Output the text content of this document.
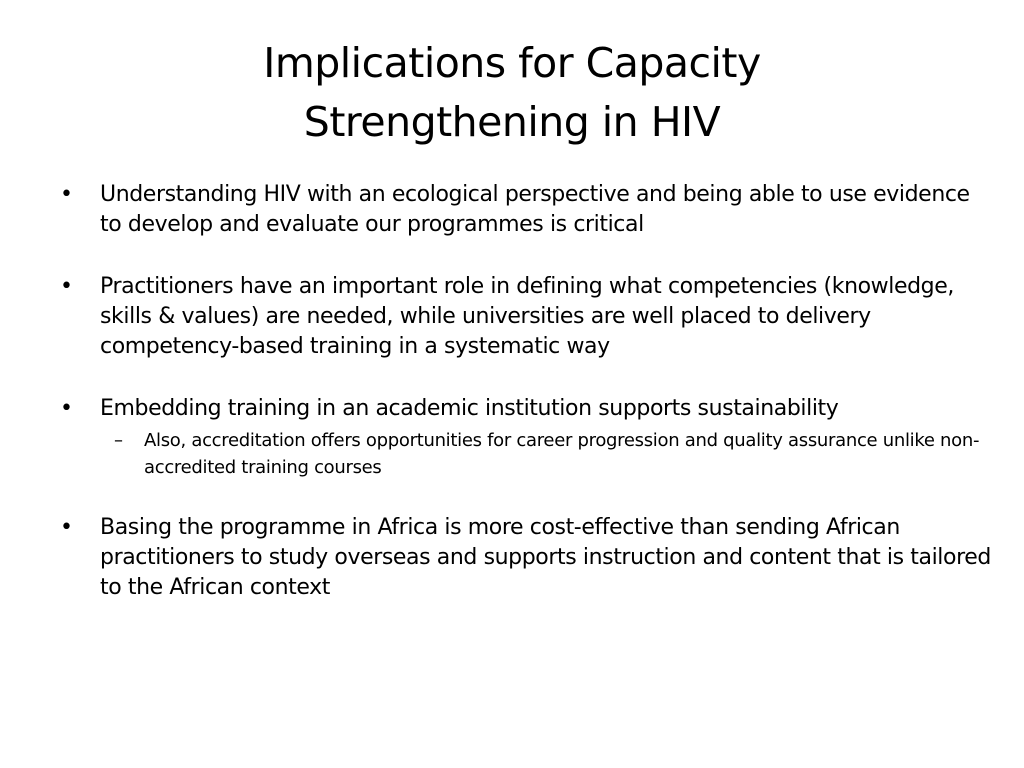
Implications for Capacity
Strengthening in HIV
• Understanding HIV with an ecological perspective and being able to use evidence to develop and evaluate our programmes is critical
• Practitioners have an important role in defining what competencies (knowledge, skills & values) are needed, while universities are well placed to delivery competency-based training in a systematic way
• Embedding training in an academic institution supports sustainability
– Also, accreditation offers opportunities for career progression and quality assurance unlike non-accredited training courses
• Basing the programme in Africa is more cost-effective than sending African practitioners to study overseas and supports instruction and content that is tailored to the African context
